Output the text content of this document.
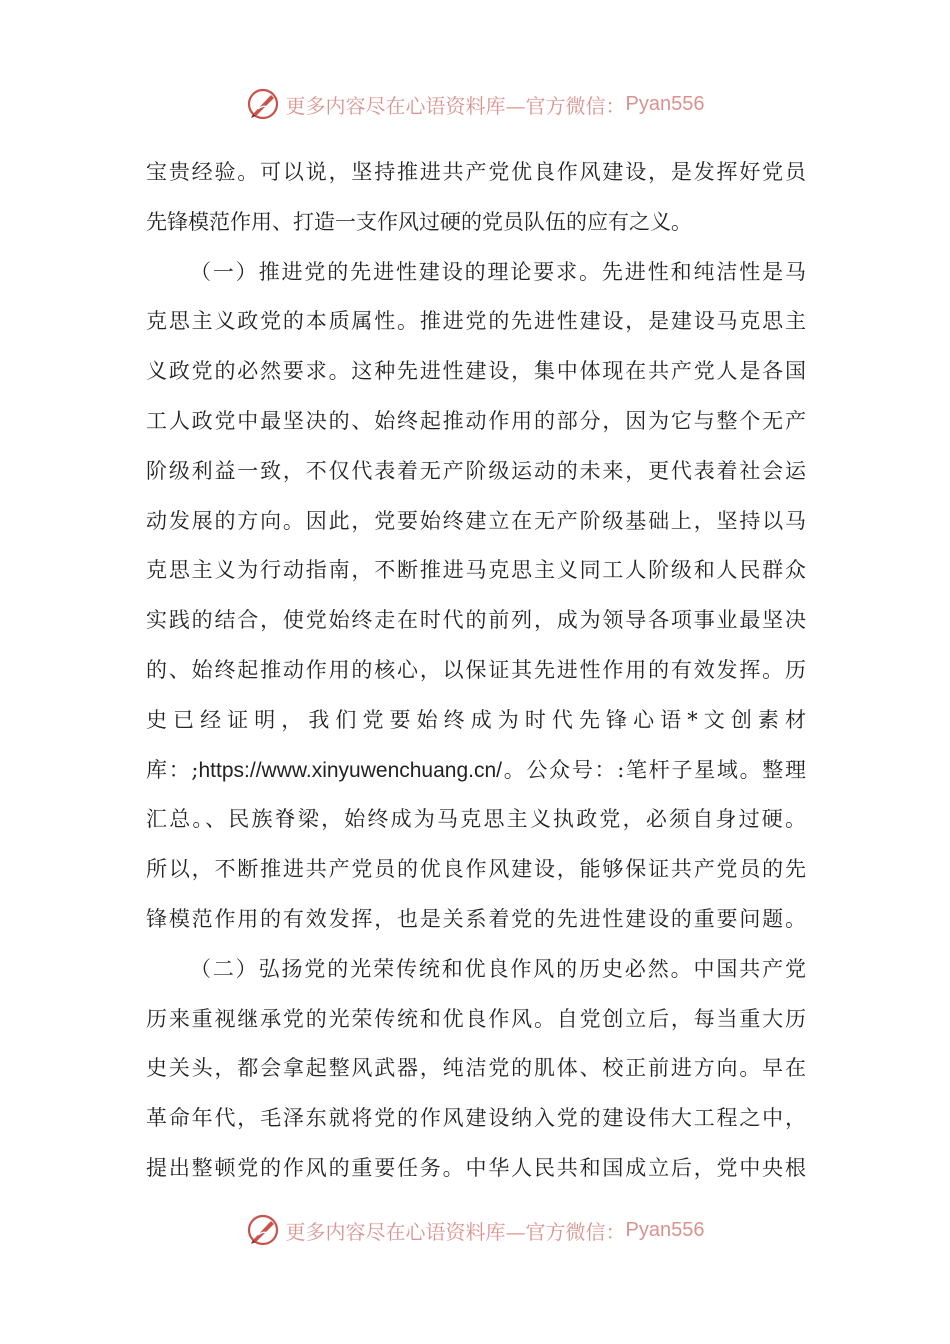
更多内容尽在心语资料库—官方微信： Pyan556
宝贵经验。可以说，坚持推进共产党优良作风建设，是发挥好党员
先锋模范作用、打造一支作风过硬的党员队伍的应有之义。
（一）推进党的先进性建设的理论要求。先进性和纯洁性是马
克思主义政党的本质属性。推进党的先进性建设，是建设马克思主
义政党的必然要求。这种先进性建设，集中体现在共产党人是各国
工人政党中最坚决的、始终起推动作用的部分，因为它与整个无产
阶级利益一致，不仅代表着无产阶级运动的未来，更代表着社会运
动发展的方向。因此，党要始终建立在无产阶级基础上，坚持以马
克思主义为行动指南，不断推进马克思主义同工人阶级和人民群众
实践的结合，使党始终走在时代的前列，成为领导各项事业最坚决
的、始终起推动作用的核心，以保证其先进性作用的有效发挥。历
史已经证明，我们党要始终成为时代先锋心语*文创素材
库：;https://www.xinyuwenchuang.cn/。公众号：:笔杆子星域。整理
汇总。、民族脊梁，始终成为马克思主义执政党，必须自身过硬。
所以，不断推进共产党员的优良作风建设，能够保证共产党员的先
锋模范作用的有效发挥，也是关系着党的先进性建设的重要问题。
（二）弘扬党的光荣传统和优良作风的历史必然。中国共产党
历来重视继承党的光荣传统和优良作风。自党创立后，每当重大历
史关头，都会拿起整风武器，纯洁党的肌体、校正前进方向。早在
革命年代，毛泽东就将党的作风建设纳入党的建设伟大工程之中，
提出整顿党的作风的重要任务。中华人民共和国成立后，党中央根
更多内容尽在心语资料库—官方微信： Pyan556
